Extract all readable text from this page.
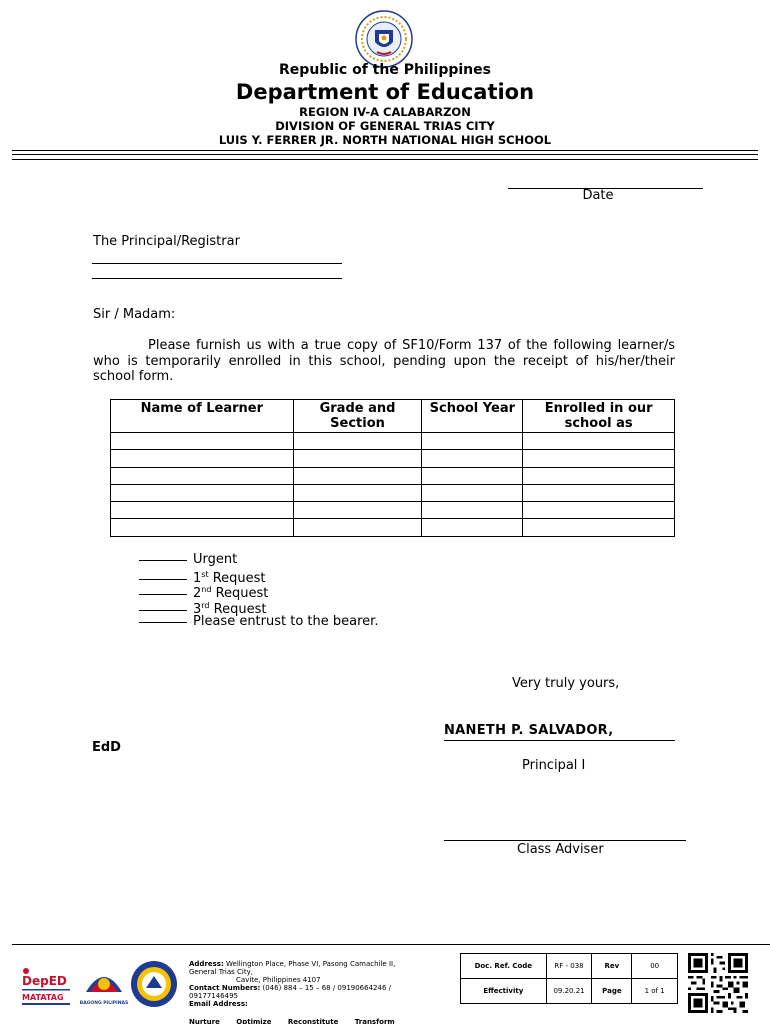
Republic of the Philippines
Department of Education
REGION IV-A CALABARZON
DIVISION OF GENERAL TRIAS CITY
LUIS Y. FERRER JR. NORTH NATIONAL HIGH SCHOOL
Date
The Principal/Registrar
Sir / Madam:
Please furnish us with a true copy of SF10/Form 137 of the following learner/s who is temporarily enrolled in this school, pending upon the receipt of his/her/their school form.
Name of Learner	Grade and Section	School Year	Enrolled in our school as

Urgent
1st Request
2nd Request
3rd Request
Please entrust to the bearer.
Very truly yours,
NANETH P. SALVADOR,
EdD
Principal I
Class Adviser
DepED
MATATAG
BAGONG PILIPINAS
Address: Wellington Place, Phase VI, Pasong Camachile II,
General Trias City,
Cavite, Philippines 4107
Contact Numbers: (046) 884 – 15 – 68 / 09190664246 /
09177146495
Email Address:
Nurture Optimize Reconstitute Transform
Doc. Ref. Code	RF - 038	Rev	00
Effectivity	09.20.21	Page	1 of 1
